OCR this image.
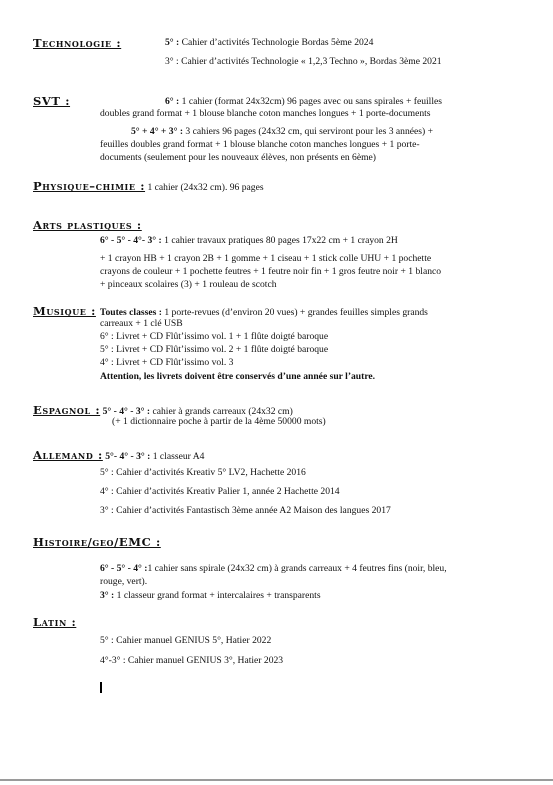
Technologie :	5° : Cahier d’activités Technologie Bordas 5ème 2024
3° : Cahier d’activités Technologie « 1,2,3 Techno », Bordas 3ème 2021
SVT :	6° : 1 cahier (format 24x32cm) 96 pages avec ou sans spirales + feuilles
doubles grand format + 1 blouse blanche coton manches longues + 1 porte-documents
5° + 4° + 3° : 3 cahiers 96 pages (24x32 cm, qui serviront pour les 3 années) +
feuilles doubles grand format + 1 blouse blanche coton manches longues + 1 porte-
documents (seulement pour les nouveaux élèves, non présents en 6ème)
Physique–chimie : 1 cahier (24x32 cm). 96 pages
Arts plastiques :
6° - 5° - 4°- 3° : 1 cahier travaux pratiques 80 pages 17x22 cm + 1 crayon 2H
+ 1 crayon HB + 1 crayon 2B + 1 gomme + 1 ciseau + 1 stick colle UHU + 1 pochette
crayons de couleur + 1 pochette feutres + 1 feutre noir fin + 1 gros feutre noir + 1 blanco
+ pinceaux scolaires (3) + 1 rouleau de scotch
Musique : Toutes classes : 1 porte-revues (d’environ 20 vues) + grandes feuilles simples grands
carreaux + 1 clé USB
6° : Livret + CD Flût’issimo vol. 1 + 1 flûte doigté baroque
5° : Livret + CD Flût’issimo vol. 2 + 1 flûte doigté baroque
4° : Livret + CD Flût’issimo vol. 3
Attention, les livrets doivent être conservés d’une année sur l’autre.
Espagnol : 5° - 4° - 3° : cahier à grands carreaux (24x32 cm)
(+ 1 dictionnaire poche à partir de la 4ème 50000 mots)
Allemand : 5°- 4° - 3° : 1 classeur A4
5° : Cahier d’activités Kreativ 5° LV2, Hachette 2016
4° : Cahier d’activités Kreativ Palier 1, année 2 Hachette 2014
3° : Cahier d’activités Fantastisch 3ème année A2 Maison des langues 2017
Histoire/geo/EMC :
6° - 5° - 4° :1 cahier sans spirale (24x32 cm) à grands carreaux + 4 feutres fins (noir, bleu,
rouge, vert).
3° : 1 classeur grand format + intercalaires + transparents
Latin :
5° : Cahier manuel GENIUS 5°, Hatier 2022
4°-3° : Cahier manuel GENIUS 3°, Hatier 2023
